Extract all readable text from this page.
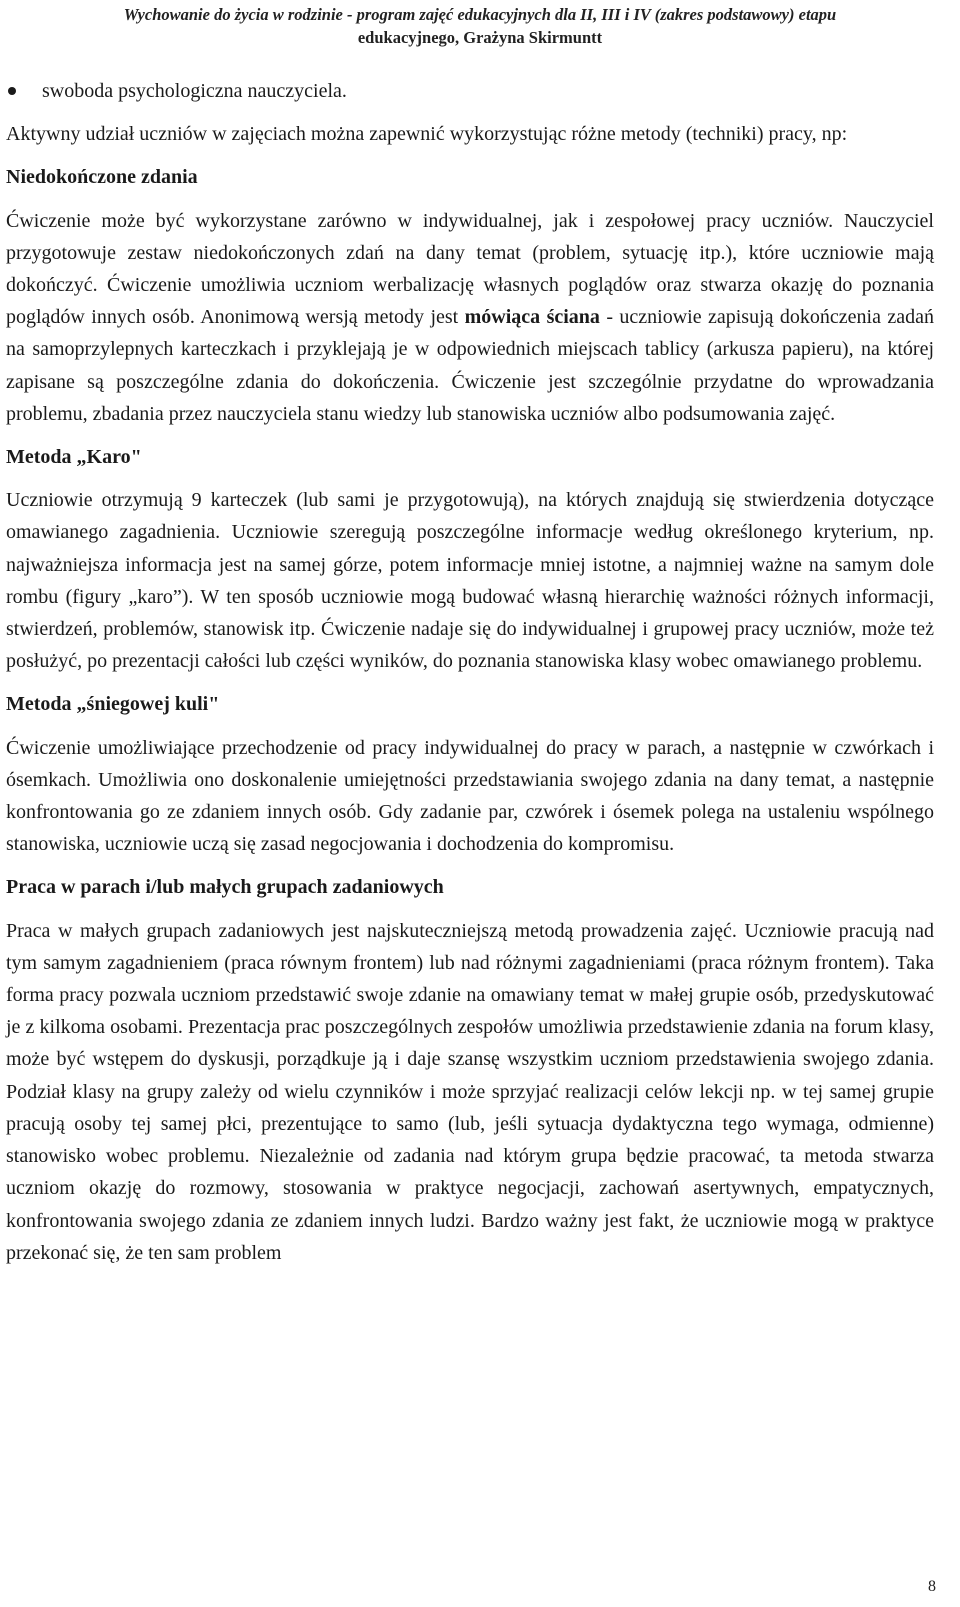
Wychowanie do życia w rodzinie - program zajęć edukacyjnych dla II, III i IV (zakres podstawowy) etapu
edukacyjnego, Grażyna Skirmuntt
swoboda psychologiczna nauczyciela.

Aktywny udział uczniów w zajęciach można zapewnić wykorzystując różne metody (techniki) pracy, np:

Niedokończone zdania

Ćwiczenie może być wykorzystane zarówno w indywidualnej, jak i zespołowej pracy uczniów. Nauczyciel przygotowuje zestaw niedokończonych zdań na dany temat (problem, sytuację itp.), które uczniowie mają dokończyć. Ćwiczenie umożliwia uczniom werbalizację własnych poglądów oraz stwarza okazję do poznania poglądów innych osób. Anonimową wersją metody jest mówiąca ściana - uczniowie zapisują dokończenia zadań na samoprzylepnych karteczkach i przyklejają je w odpowiednich miejscach tablicy (arkusza papieru), na której zapisane są poszczególne zdania do dokończenia. Ćwiczenie jest szczególnie przydatne do wprowadzania problemu, zbadania przez nauczyciela stanu wiedzy lub stanowiska uczniów albo podsumowania zajęć.

Metoda „Karo"

Uczniowie otrzymują 9 karteczek (lub sami je przygotowują), na których znajdują się stwierdzenia dotyczące omawianego zagadnienia. Uczniowie szeregują poszczególne informacje według określonego kryterium, np. najważniejsza informacja jest na samej górze, potem informacje mniej istotne, a najmniej ważne na samym dole rombu (figury „karo”). W ten sposób uczniowie mogą budować własną hierarchię ważności różnych informacji, stwierdzeń, problemów, stanowisk itp. Ćwiczenie nadaje się do indywidualnej i grupowej pracy uczniów, może też posłużyć, po prezentacji całości lub części wyników, do poznania stanowiska klasy wobec omawianego problemu.

Metoda „śniegowej kuli"

Ćwiczenie umożliwiające przechodzenie od pracy indywidualnej do pracy w parach, a następnie w czwórkach i ósemkach. Umożliwia ono doskonalenie umiejętności przedstawiania swojego zdania na dany temat, a następnie konfrontowania go ze zdaniem innych osób. Gdy zadanie par, czwórek i ósemek polega na ustaleniu wspólnego stanowiska, uczniowie uczą się zasad negocjowania i dochodzenia do kompromisu.

Praca w parach i/lub małych grupach zadaniowych

Praca w małych grupach zadaniowych jest najskuteczniejszą metodą prowadzenia zajęć. Uczniowie pracują nad tym samym zagadnieniem (praca równym frontem) lub nad różnymi zagadnieniami (praca różnym frontem). Taka forma pracy pozwala uczniom przedstawić swoje zdanie na omawiany temat w małej grupie osób, przedyskutować je z kilkoma osobami. Prezentacja prac poszczególnych zespołów umożliwia przedstawienie zdania na forum klasy, może być wstępem do dyskusji, porządkuje ją i daje szansę wszystkim uczniom przedstawienia swojego zdania. Podział klasy na grupy zależy od wielu czynników i może sprzyjać realizacji celów lekcji np. w tej samej grupie pracują osoby tej samej płci, prezentujące to samo (lub, jeśli sytuacja dydaktyczna tego wymaga, odmienne) stanowisko wobec problemu. Niezależnie od zadania nad którym grupa będzie pracować, ta metoda stwarza uczniom okazję do rozmowy, stosowania w praktyce negocjacji, zachowań asertywnych, empatycznych, konfrontowania swojego zdania ze zdaniem innych ludzi. Bardzo ważny jest fakt, że uczniowie mogą w praktyce przekonać się, że ten sam problem

8
